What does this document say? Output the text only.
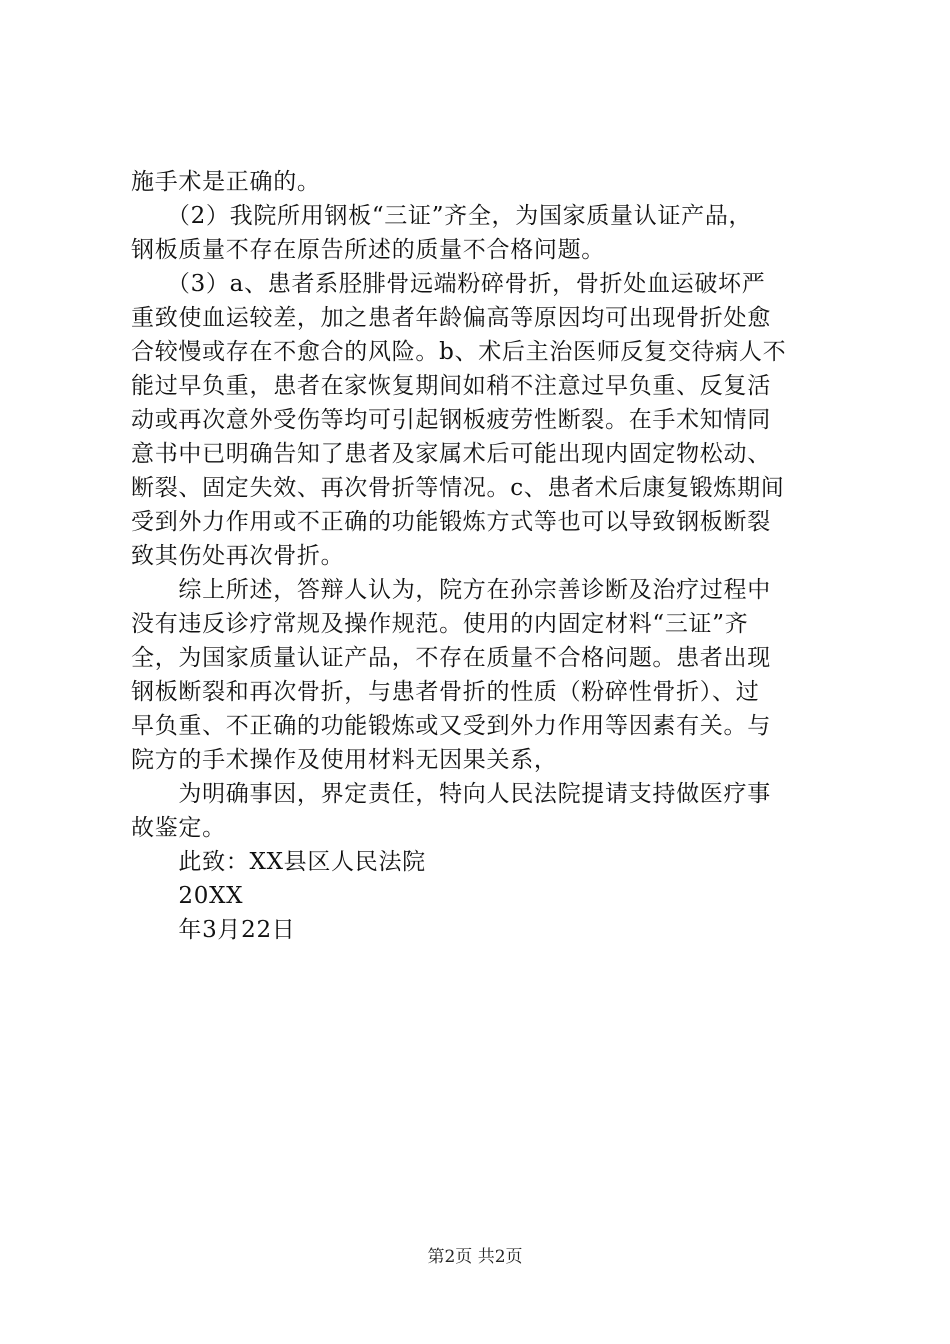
施手术是正确的。
　　（2）我院所用钢板“三证”齐全，为国家质量认证产品，
钢板质量不存在原告所述的质量不合格问题。
　　（3）a、患者系胫腓骨远端粉碎骨折，骨折处血运破坏严
重致使血运较差，加之患者年龄偏高等原因均可出现骨折处愈
合较慢或存在不愈合的风险。b、术后主治医师反复交待病人不
能过早负重，患者在家恢复期间如稍不注意过早负重、反复活
动或再次意外受伤等均可引起钢板疲劳性断裂。在手术知情同
意书中已明确告知了患者及家属术后可能出现内固定物松动、
断裂、固定失效、再次骨折等情况。c、患者术后康复锻炼期间
受到外力作用或不正确的功能锻炼方式等也可以导致钢板断裂
致其伤处再次骨折。
　　综上所述，答辩人认为，院方在孙宗善诊断及治疗过程中
没有违反诊疗常规及操作规范。使用的内固定材料“三证”齐
全，为国家质量认证产品，不存在质量不合格问题。患者出现
钢板断裂和再次骨折，与患者骨折的性质（粉碎性骨折）、过
早负重、不正确的功能锻炼或又受到外力作用等因素有关。与
院方的手术操作及使用材料无因果关系，
　　为明确事因，界定责任，特向人民法院提请支持做医疗事
故鉴定。
　　此致：XX县区人民法院
　　20XX
　　年3月22日
第2页 共2页
